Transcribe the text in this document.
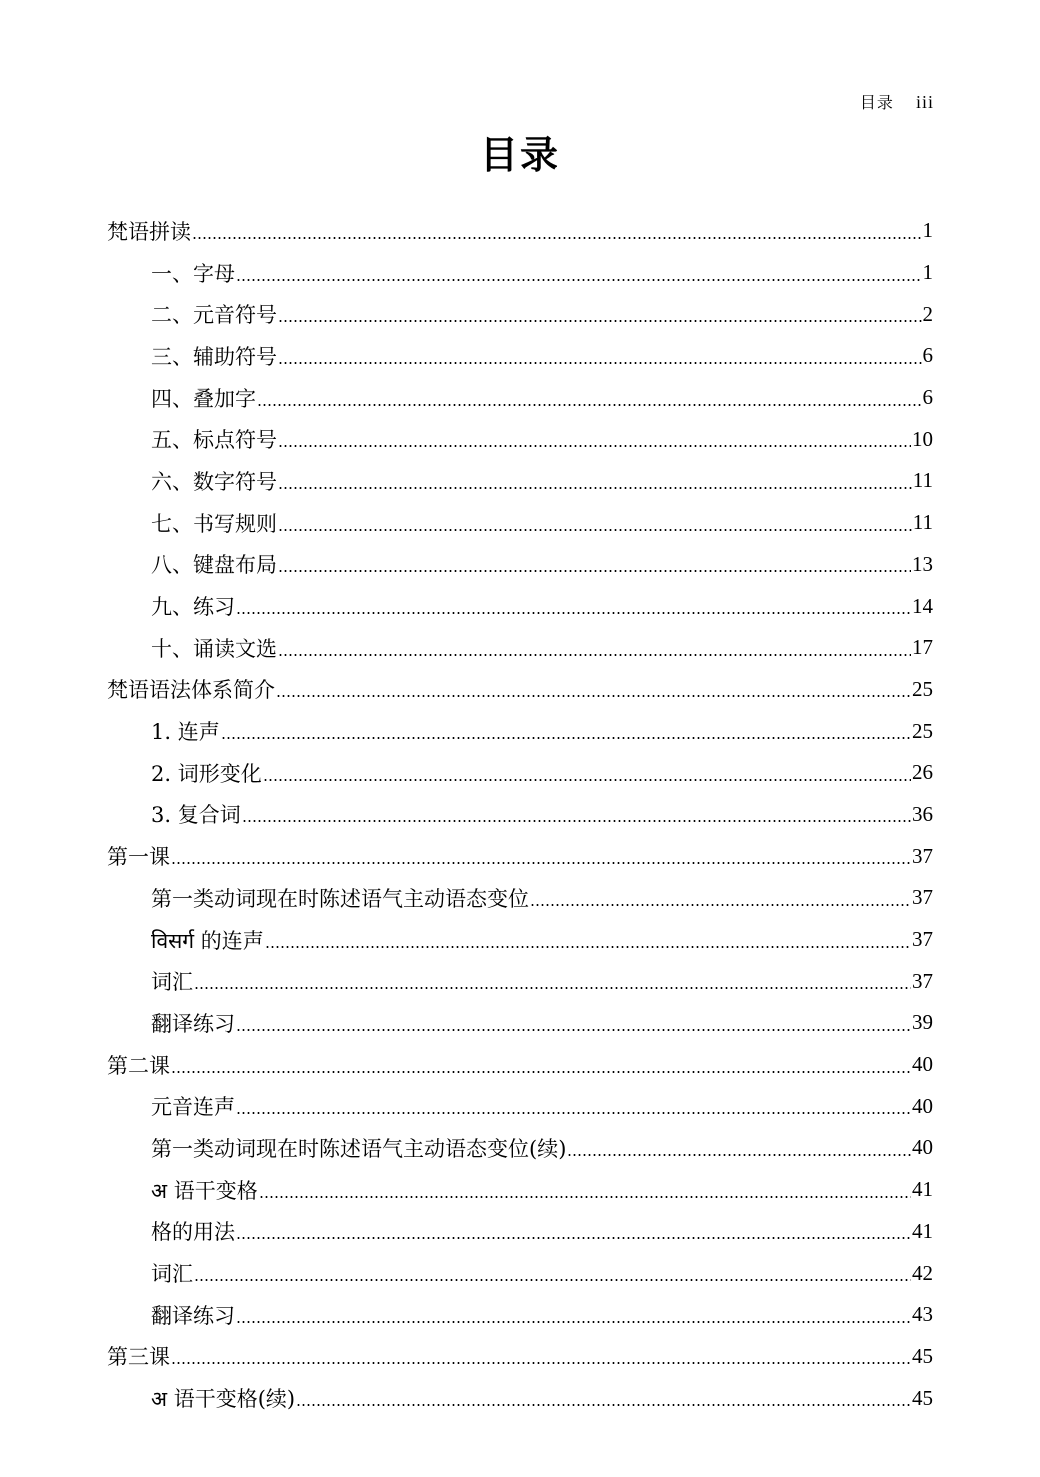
目录 iii
目录
梵语拼读	1
一、字母	1
二、元音符号	2
三、辅助符号	6
四、叠加字	6
五、标点符号	10
六、数字符号	11
七、书写规则	11
八、键盘布局	13
九、练习	14
十、诵读文选	17
梵语语法体系简介	25
1. 连声	25
2. 词形变化	26
3. 复合词	36
第一课	37
第一类动词现在时陈述语气主动语态变位	37
विसर्ग 的连声	37
词汇	37
翻译练习	39
第二课	40
元音连声	40
第一类动词现在时陈述语气主动语态变位(续)	40
अ 语干变格	41
格的用法	41
词汇	42
翻译练习	43
第三课	45
अ 语干变格(续)	45
